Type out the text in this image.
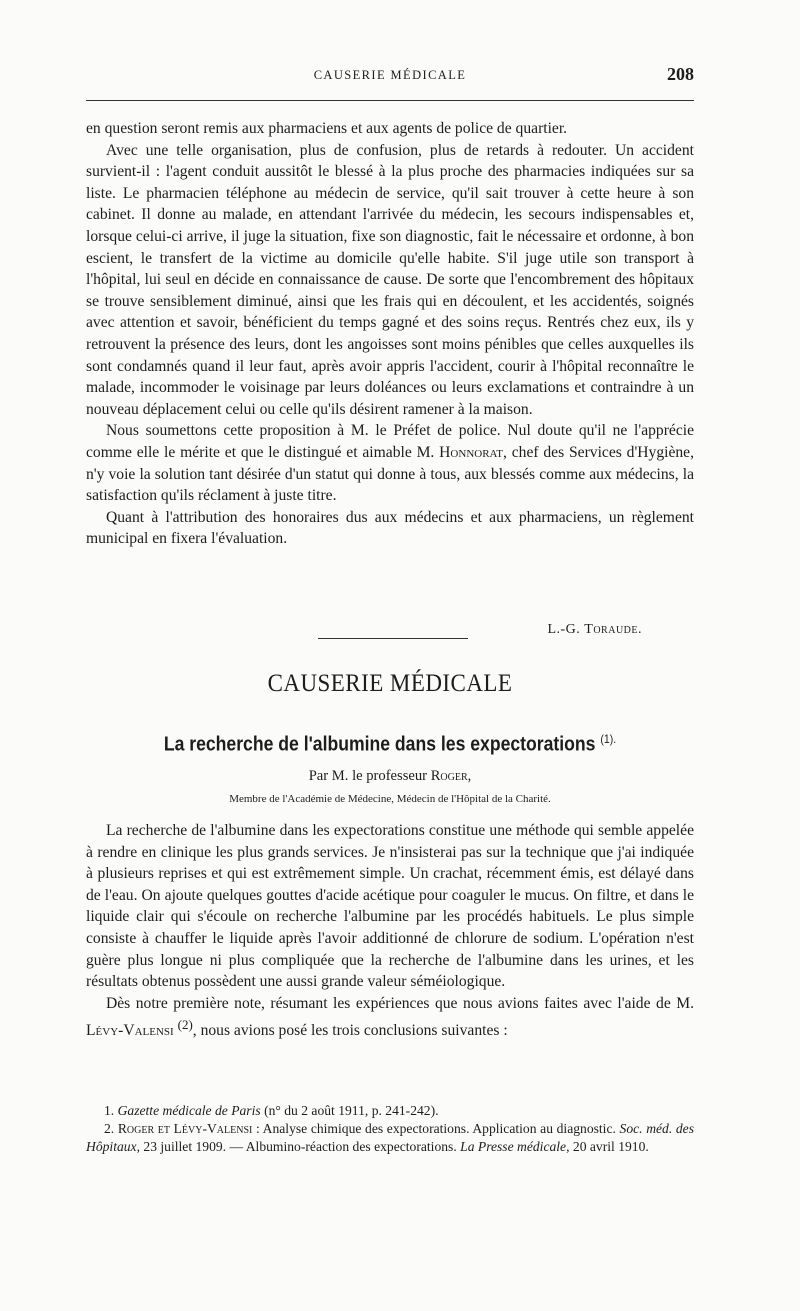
CAUSERIE MÉDICALE	208

en question seront remis aux pharmaciens et aux agents de police de quartier.

Avec une telle organisation, plus de confusion, plus de retards à redouter. Un accident survient-il : l'agent conduit aussitôt le blessé à la plus proche des pharmacies indiquées sur sa liste. Le pharmacien téléphone au médecin de service, qu'il sait trouver à cette heure à son cabinet. Il donne au malade, en attendant l'arrivée du médecin, les secours indispensables et, lorsque celui-ci arrive, il juge la situation, fixe son diagnostic, fait le nécessaire et ordonne, à bon escient, le transfert de la victime au domicile qu'elle habite. S'il juge utile son transport à l'hôpital, lui seul en décide en connaissance de cause. De sorte que l'encombrement des hôpitaux se trouve sensiblement diminué, ainsi que les frais qui en découlent, et les accidentés, soignés avec attention et savoir, bénéficient du temps gagné et des soins reçus. Rentrés chez eux, ils y retrouvent la présence des leurs, dont les angoisses sont moins pénibles que celles auxquelles ils sont condamnés quand il leur faut, après avoir appris l'accident, courir à l'hôpital reconnaître le malade, incommoder le voisinage par leurs doléances ou leurs exclamations et contraindre à un nouveau déplacement celui ou celle qu'ils désirent ramener à la maison.

Nous soumettons cette proposition à M. le Préfet de police. Nul doute qu'il ne l'apprécie comme elle le mérite et que le distingué et aimable M. Honnorat, chef des Services d'Hygiène, n'y voie la solution tant désirée d'un statut qui donne à tous, aux blessés comme aux médecins, la satisfaction qu'ils réclament à juste titre.

Quant à l'attribution des honoraires dus aux médecins et aux pharmaciens, un règlement municipal en fixera l'évaluation.

L.-G. Toraude.
CAUSERIE MÉDICALE
La recherche de l'albumine dans les expectorations $^{(1).}$
Par M. le professeur Roger,
Membre de l'Académie de Médecine, Médecin de l'Hôpital de la Charité.

La recherche de l'albumine dans les expectorations constitue une méthode qui semble appelée à rendre en clinique les plus grands services. Je n'insisterai pas sur la technique que j'ai indiquée à plusieurs reprises et qui est extrêmement simple. Un crachat, récemment émis, est délayé dans de l'eau. On ajoute quelques gouttes d'acide acétique pour coaguler le mucus. On filtre, et dans le liquide clair qui s'écoule on recherche l'albumine par les procédés habituels. Le plus simple consiste à chauffer le liquide après l'avoir additionné de chlorure de sodium. L'opération n'est guère plus longue ni plus compliquée que la recherche de l'albumine dans les urines, et les résultats obtenus possèdent une aussi grande valeur séméiologique.

Dès notre première note, résumant les expériences que nous avions faites avec l'aide de M. Lévy-Valensi $^{(2)}$, nous avions posé les trois conclusions suivantes :

1. Gazette médicale de Paris (n° du 2 août 1911, p. 241-242).

2. Roger et Lévy-Valensi : Analyse chimique des expectorations. Application au diagnostic. Soc. méd. des Hôpitaux, 23 juillet 1909. — Albumino-réaction des expectorations. La Presse médicale, 20 avril 1910.
